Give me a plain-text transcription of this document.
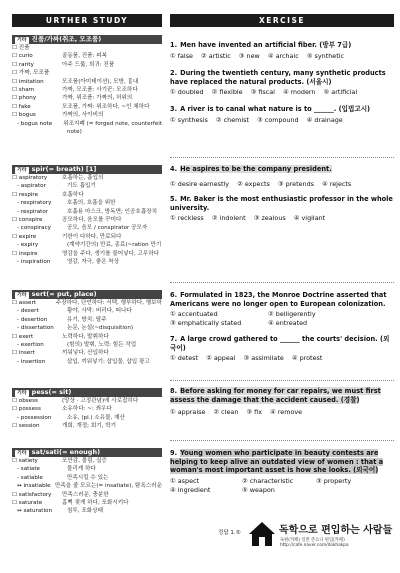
URTHER STUDY	XERCISE
기타 진품/가짜(취조, 모조품)
☐ 진품
☐ curio	골동품, 진품: 피복
☐ rarity	아주 드묾, 희귀: 진품
☐ 가짜, 모조품
☐ imitation	모조품(아미테이션), 모방, 흉내
☐ sham	가짜, 모조품: 사기꾼: 모조하다
☐ phony	가짜, 위조품: 가짜의, 허위의
☐ fake	모조품, 가짜: 위조하다, ~인 체하다
☐ bogus	가짜의, 사이비의
- bogus note	위조지폐 (= forged note, counterfeit
note)
기타 spir(= breath) [1]
☐ aspiratory	호흡하는, 흡입의
- aspirator	기도 흡입기
☐ respire	호흡하다
- respiratory	호흡의, 호흡을 위한
- respirator	호흡용 마스크, 방독면; 인공호흡장치
☐ conspire	공모하다, 음모를 꾸미다
- conspiracy	공모, 음모 / conspirator 공모자
☐ expire	기한이 다하다, 만료되다
- expiry	(계약기간의) 만료, 종료(~ration 만기
☐ inspire	영감을 주다, 생기를 불어넣다, 고무하다
- inspiration	영감, 자극, 좋은 착상
기타 sert(= put, place)
☐ assert	주장하다, 단언하다: 서택, 행부하다, 행보하
- desert	황야, 사막: 버리다, 떠나다
- desertion	유기, 방치: 탈주
- dissertation	논문, 논설(~disquisition)
☐ exert	노력하다, 발휘하다
- exertion	(힘의) 발휘, 노력: 힘든 작업
☐ insert	끼워넣다, 산입하다
- insertion	삽입, 끼워넣기: 삽입물, 삽입 광고
기타 pess(= sit)
☐ obsess	(망상 · 고정관념)에 사로잡히다
☐ possess	소유하다: ~: 씌우다
- possession	소유, (pl.) 소유물, 재산
☐ session	개회, 개정; 회기, 학기
기타 sat/sati(= enough)
☐ satiety	포만감, 물림, 실증
- satiate	물리게 하다
- satiable	만족시킬 수 있는
↔ insatiable 만족을 줄 모르는(= insatiate), 탐욕스러운
☐ satisfactory	만족스러운, 충분한
☐ saturate	흠뻑 젖게 하다, 포화시키다
↔ saturation	침투, 포화상태
1. Men have invented an artificial fiber. (방부 7급)
① false ② artistic ③ new ④ archaic ⑤ synthetic
2. During the twentieth century, many synthetic products have replaced the natural products. (서울시)
① doubled ② flexible ③ fiscal ④ modern ⑤ artificial
3. A river is to canal what nature is to ______. (입법고시)
① synthesis ② chemist ③ compound ④ drainage
4. He aspires to be the company president.
① desire earnestly ② expects ③ pretends ④ rejects
5. Mr. Baker is the most enthusiastic professor in the whole university.
① reckless ② indolent ③ zealous ④ vigilant
6. Formulated in 1823, the Monroe Doctrine asserted that Americans were no longer open to European colonization.
① accentuated	② belligerently
③ emphatically stated	④ entreated
7. A large crowd gathered to ______ the courts' decision. (외국어)
① detest ② appeal ③ assimilate ④ protest
8. Before asking for money for car repairs, we must first assess the damage that the accident caused. (경찰)
① appraise ② clean ③ fix ④ remove
9. Young women who participate in beauty contests are helping to keep alive an outdated view of women : that a woman's most important asset is how she looks. (외국어)
① aspect	② characteristic	③ property
④ ingredient	⑤ weapon
정답 1.⑤	독학으로 편입하는 사람들
독편(카페) 일반 존으니 편입(카페)
http://cafe.naver.com/dokhakpa
